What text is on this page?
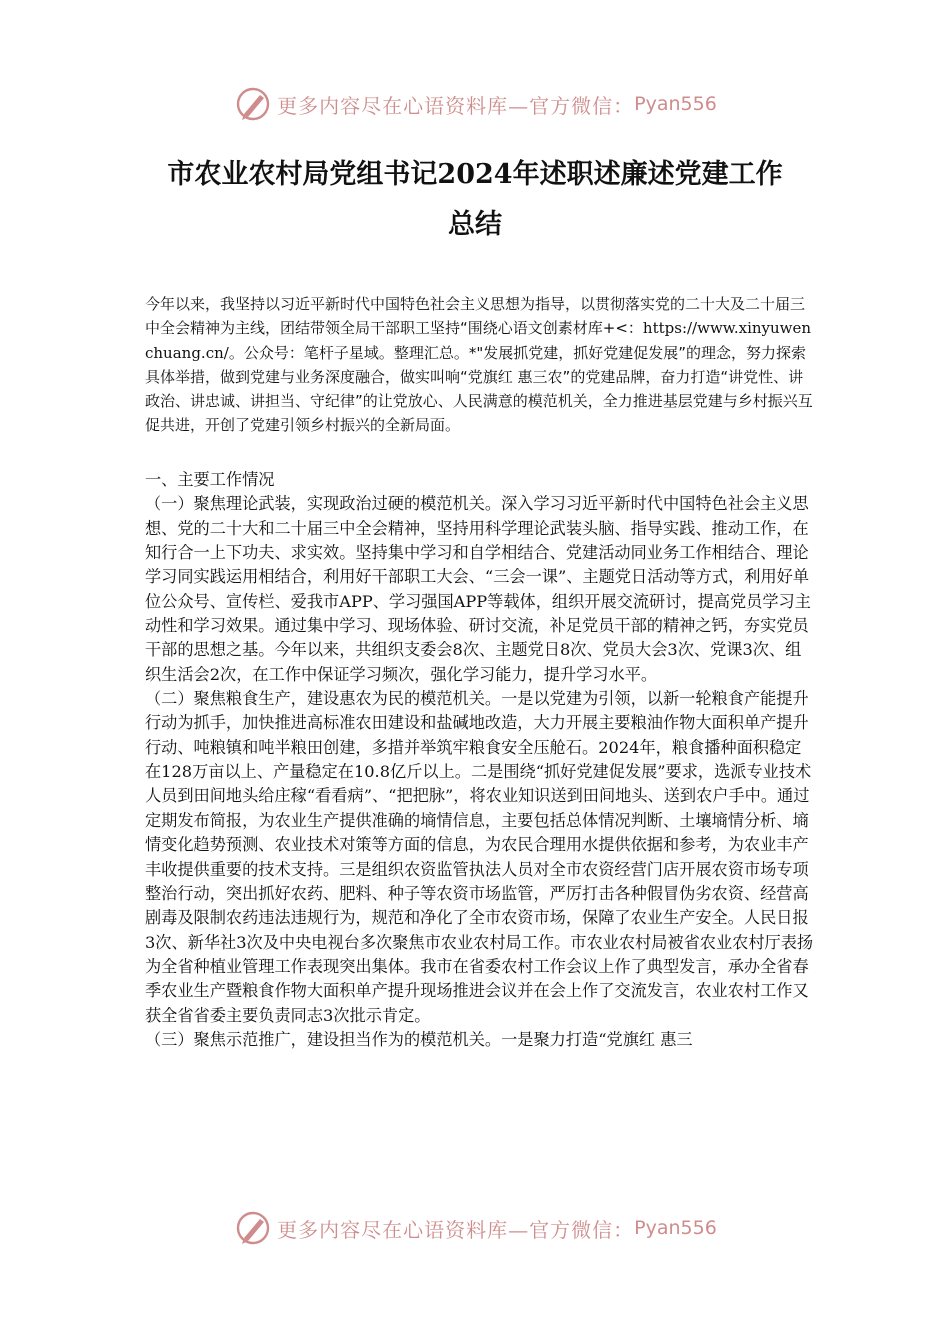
更多内容尽在心语资料库—官方微信： Pyan556
市农业农村局党组书记2024年述职述廉述党建工作
总结

今年以来，我坚持以习近平新时代中国特色社会主义思想为指导，以贯彻落实党的二十大及二十届三中全会精神为主线，团结带领全局干部职工坚持“围绕心语文创素材库+<：https://www.xinyuwenchuang.cn/。公众号：笔杆子星域。整理汇总。*"发展抓党建，抓好党建促发展”的理念，努力探索具体举措，做到党建与业务深度融合，做实叫响“党旗红 惠三农”的党建品牌，奋力打造“讲党性、讲政治、讲忠诚、讲担当、守纪律”的让党放心、人民满意的模范机关，全力推进基层党建与乡村振兴互促共进，开创了党建引领乡村振兴的全新局面。

一、主要工作情况

（一）聚焦理论武装，实现政治过硬的模范机关。深入学习习近平新时代中国特色社会主义思想、党的二十大和二十届三中全会精神，坚持用科学理论武装头脑、指导实践、推动工作，在知行合一上下功夫、求实效。坚持集中学习和自学相结合、党建活动同业务工作相结合、理论学习同实践运用相结合，利用好干部职工大会、“三会一课”、主题党日活动等方式，利用好单位公众号、宣传栏、爱我市APP、学习强国APP等载体，组织开展交流研讨，提高党员学习主动性和学习效果。通过集中学习、现场体验、研讨交流，补足党员干部的精神之钙，夯实党员干部的思想之基。今年以来，共组织支委会8次、主题党日8次、党员大会3次、党课3次、组织生活会2次，在工作中保证学习频次，强化学习能力，提升学习水平。

（二）聚焦粮食生产，建设惠农为民的模范机关。一是以党建为引领，以新一轮粮食产能提升行动为抓手，加快推进高标准农田建设和盐碱地改造，大力开展主要粮油作物大面积单产提升行动、吨粮镇和吨半粮田创建，多措并举筑牢粮食安全压舱石。2024年，粮食播种面积稳定在128万亩以上、产量稳定在10.8亿斤以上。二是围绕“抓好党建促发展”要求，选派专业技术人员到田间地头给庄稼“看看病”、“把把脉”，将农业知识送到田间地头、送到农户手中。通过定期发布简报，为农业生产提供准确的墒情信息，主要包括总体情况判断、土壤墒情分析、墒情变化趋势预测、农业技术对策等方面的信息，为农民合理用水提供依据和参考，为农业丰产丰收提供重要的技术支持。三是组织农资监管执法人员对全市农资经营门店开展农资市场专项整治行动，突出抓好农药、肥料、种子等农资市场监管，严厉打击各种假冒伪劣农资、经营高剧毒及限制农药违法违规行为，规范和净化了全市农资市场，保障了农业生产安全。人民日报3次、新华社3次及中央电视台多次聚焦市农业农村局工作。市农业农村局被省农业农村厅表扬为全省种植业管理工作表现突出集体。我市在省委农村工作会议上作了典型发言，承办全省春季农业生产暨粮食作物大面积单产提升现场推进会议并在会上作了交流发言，农业农村工作又获全省省委主要负责同志3次批示肯定。

（三）聚焦示范推广，建设担当作为的模范机关。一是聚力打造“党旗红 惠三

更多内容尽在心语资料库—官方微信： Pyan556
